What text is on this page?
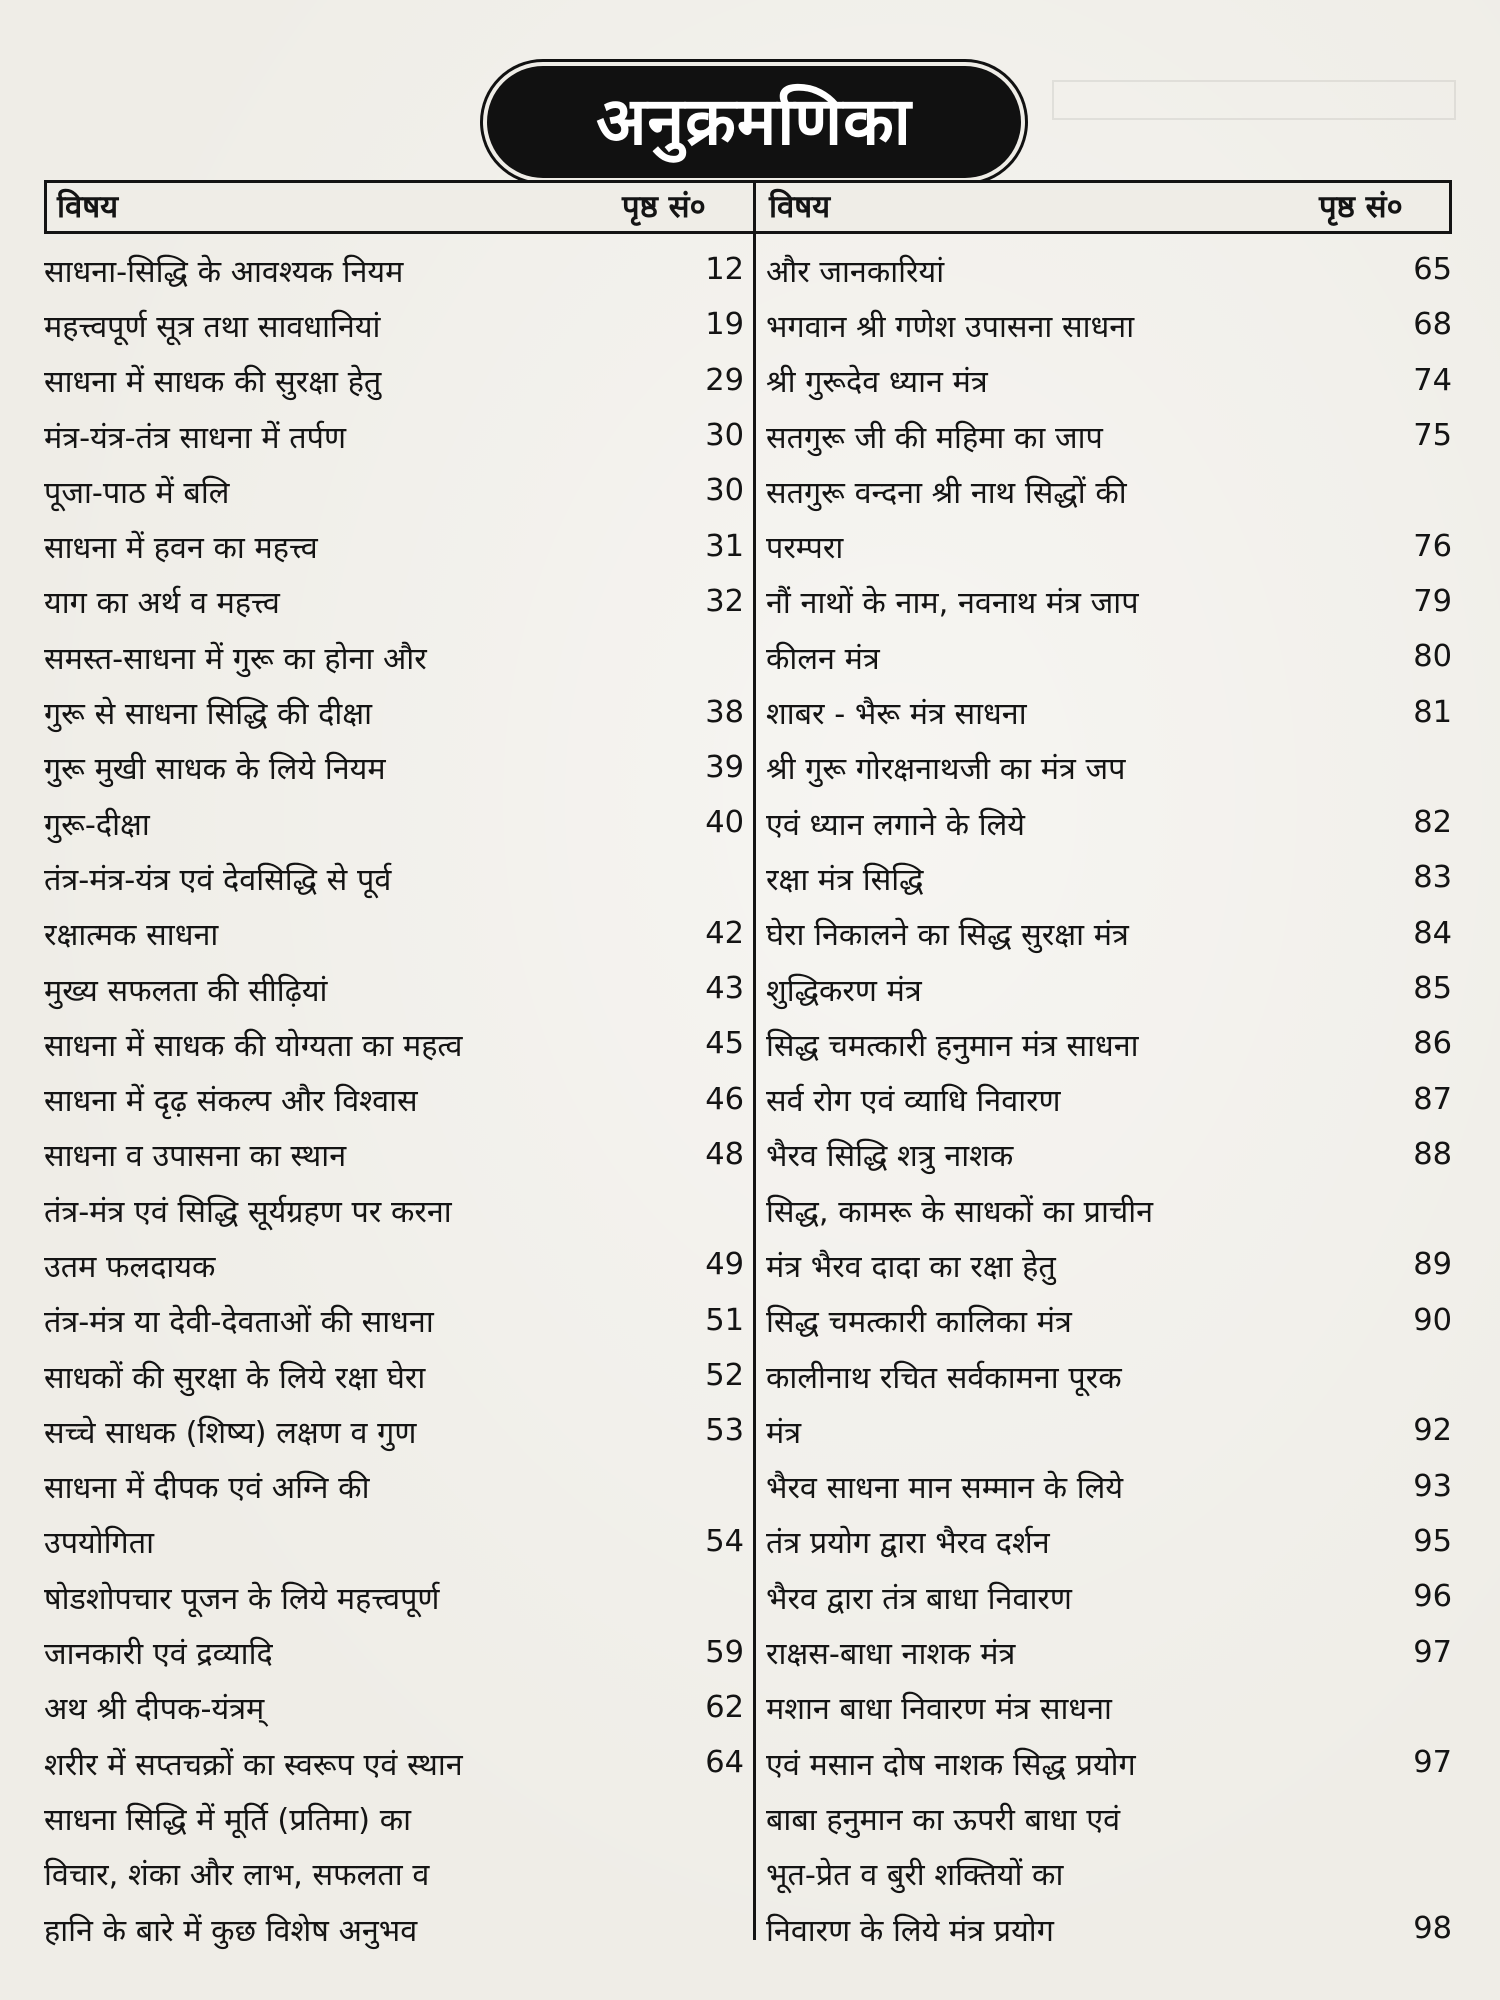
अनुक्रमणिका
विषय	पृष्ठ सं० विषय	पृष्ठ सं०
साधना-सिद्धि के आवश्यक नियम	12
महत्त्वपूर्ण सूत्र तथा सावधानियां	19
साधना में साधक की सुरक्षा हेतु	29
मंत्र-यंत्र-तंत्र साधना में तर्पण	30
पूजा-पाठ में बलि	30
साधना में हवन का महत्त्व	31
याग का अर्थ व महत्त्व	32
समस्त-साधना में गुरू का होना और
गुरू से साधना सिद्धि की दीक्षा	38
गुरू मुखी साधक के लिये नियम	39
गुरू-दीक्षा	40
तंत्र-मंत्र-यंत्र एवं देवसिद्धि से पूर्व
रक्षात्मक साधना	42
मुख्य सफलता की सीढ़ियां	43
साधना में साधक की योग्यता का महत्व	45
साधना में दृढ़ संकल्प और विश्वास	46
साधना व उपासना का स्थान	48
तंत्र-मंत्र एवं सिद्धि सूर्यग्रहण पर करना
उतम फलदायक	49
तंत्र-मंत्र या देवी-देवताओं की साधना	51
साधकों की सुरक्षा के लिये रक्षा घेरा	52
सच्चे साधक (शिष्य) लक्षण व गुण	53
साधना में दीपक एवं अग्नि की
उपयोगिता	54
षोडशोपचार पूजन के लिये महत्त्वपूर्ण
जानकारी एवं द्रव्यादि	59
अथ श्री दीपक-यंत्रम्	62
शरीर में सप्तचक्रों का स्वरूप एवं स्थान	64
साधना सिद्धि में मूर्ति (प्रतिमा) का
विचार, शंका और लाभ, सफलता व
हानि के बारे में कुछ विशेष अनुभव
और जानकारियां	65
भगवान श्री गणेश उपासना साधना	68
श्री गुरूदेव ध्यान मंत्र	74
सतगुरू जी की महिमा का जाप	75
सतगुरू वन्दना श्री नाथ सिद्धों की
परम्परा	76
नौं नाथों के नाम, नवनाथ मंत्र जाप	79
कीलन मंत्र	80
शाबर - भैरू मंत्र साधना	81
श्री गुरू गोरक्षनाथजी का मंत्र जप
एवं ध्यान लगाने के लिये	82
रक्षा मंत्र सिद्धि	83
घेरा निकालने का सिद्ध सुरक्षा मंत्र	84
शुद्धिकरण मंत्र	85
सिद्ध चमत्कारी हनुमान मंत्र साधना	86
सर्व रोग एवं व्याधि निवारण	87
भैरव सिद्धि शत्रु नाशक	88
सिद्ध, कामरू के साधकों का प्राचीन
मंत्र भैरव दादा का रक्षा हेतु	89
सिद्ध चमत्कारी कालिका मंत्र	90
कालीनाथ रचित सर्वकामना पूरक
मंत्र	92
भैरव साधना मान सम्मान के लिये	93
तंत्र प्रयोग द्वारा भैरव दर्शन	95
भैरव द्वारा तंत्र बाधा निवारण	96
राक्षस-बाधा नाशक मंत्र	97
मशान बाधा निवारण मंत्र साधना
एवं मसान दोष नाशक सिद्ध प्रयोग	97
बाबा हनुमान का ऊपरी बाधा एवं
भूत-प्रेत व बुरी शक्तियों का
निवारण के लिये मंत्र प्रयोग	98
